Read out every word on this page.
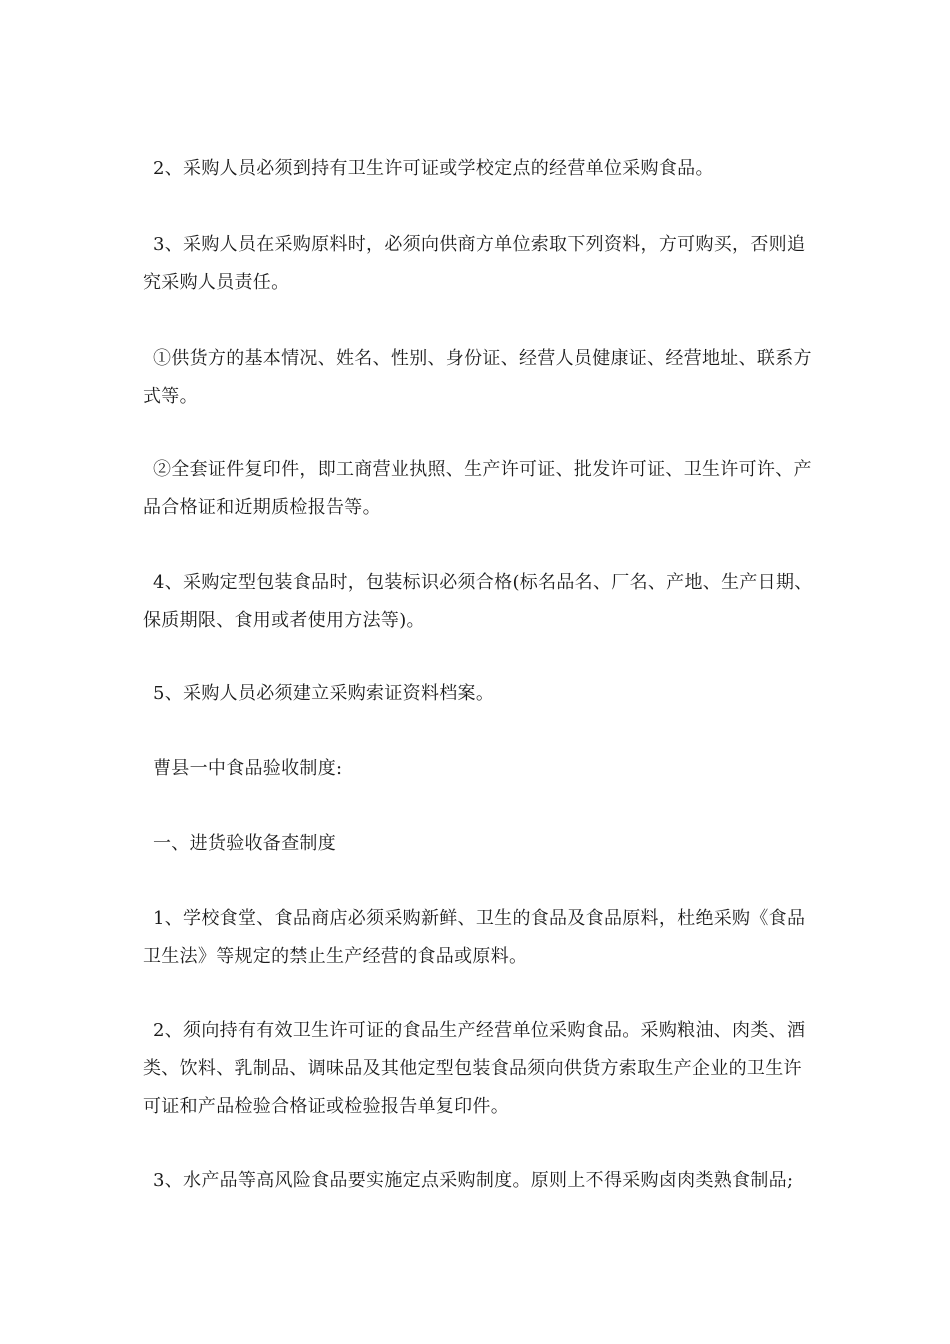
2、采购人员必须到持有卫生许可证或学校定点的经营单位采购食品。

3、采购人员在采购原料时，必须向供商方单位索取下列资料，方可购买，否则追究采购人员责任。

①供货方的基本情况、姓名、性别、身份证、经营人员健康证、经营地址、联系方式等。

②全套证件复印件，即工商营业执照、生产许可证、批发许可证、卫生许可许、产品合格证和近期质检报告等。

4、采购定型包装食品时，包装标识必须合格(标名品名、厂名、产地、生产日期、保质期限、食用或者使用方法等)。

5、采购人员必须建立采购索证资料档案。

曹县一中食品验收制度:

一、进货验收备查制度

1、学校食堂、食品商店必须采购新鲜、卫生的食品及食品原料，杜绝采购《食品卫生法》等规定的禁止生产经营的食品或原料。

2、须向持有有效卫生许可证的食品生产经营单位采购食品。采购粮油、肉类、酒类、饮料、乳制品、调味品及其他定型包装食品须向供货方索取生产企业的卫生许可证和产品检验合格证或检验报告单复印件。

3、水产品等高风险食品要实施定点采购制度。原则上不得采购卤肉类熟食制品;
